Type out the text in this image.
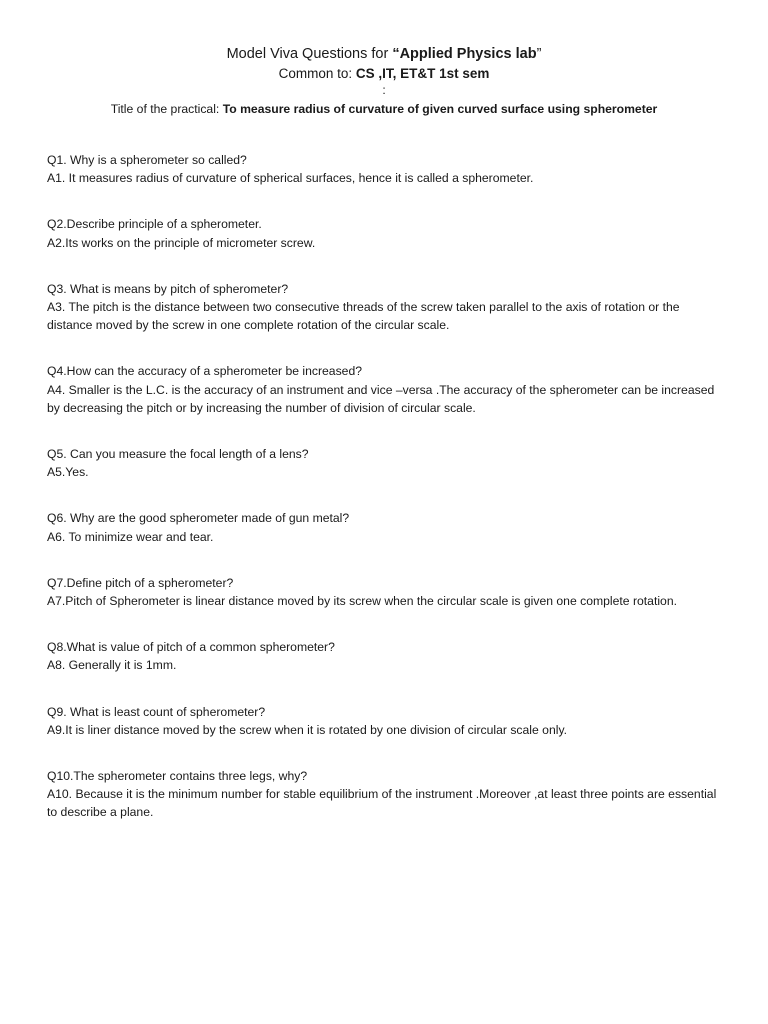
Model Viva Questions for “Applied Physics lab”

Common to: CS ,IT, ET&T 1st sem

:

Title of the practical: To measure radius of curvature of given curved surface using spherometer

Q1. Why is a spherometer so called?

A1. It measures radius of curvature of spherical surfaces, hence it is called a spherometer.

Q2.Describe principle of a spherometer.

A2.Its works on the principle of micrometer screw.

Q3. What is means by pitch of spherometer?

A3. The pitch is the distance between two consecutive threads of the screw taken parallel to the axis of rotation or the distance moved by the screw in one complete rotation of the circular scale.

Q4.How can the accuracy of a spherometer be increased?

A4. Smaller is the L.C. is the accuracy of an instrument and vice –versa .The accuracy of the spherometer can be increased by decreasing the pitch or by increasing the number of division of circular scale.

Q5. Can you measure the focal length of a lens?

A5.Yes.

Q6. Why are the good spherometer made of gun metal?

A6. To minimize wear and tear.

Q7.Define pitch of a spherometer?

A7.Pitch of Spherometer is linear distance moved by its screw when the circular scale is given one complete rotation.

Q8.What is value of pitch of a common spherometer?

A8. Generally it is 1mm.

Q9. What is least count of spherometer?

A9.It is liner distance moved by the screw when it is rotated by one division of circular scale only.

Q10.The spherometer contains three legs, why?

A10. Because it is the minimum number for stable equilibrium of the instrument .Moreover ,at least three points are essential to describe a plane.
